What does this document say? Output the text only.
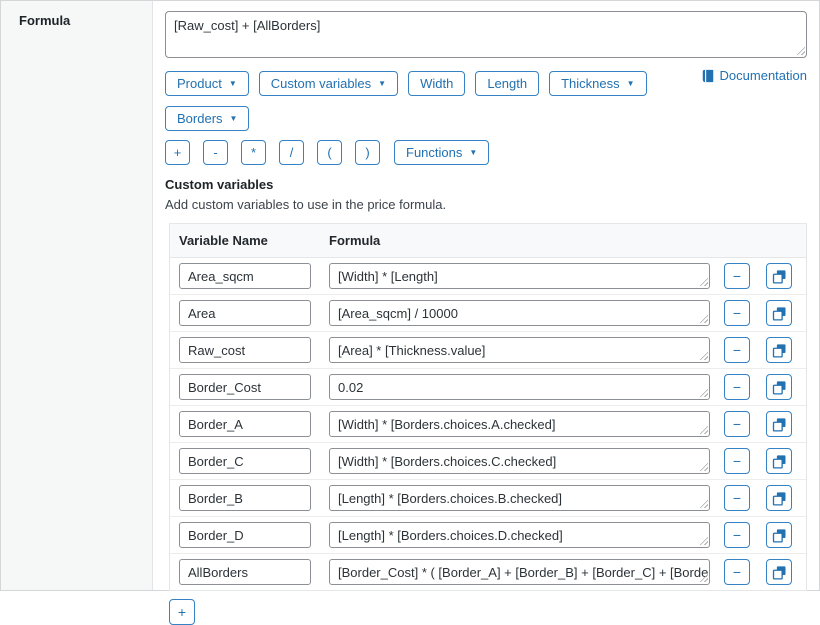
Formula
[Raw_cost] + [AllBorders]
Product ▼	Custom variables ▼	Width	Length	Thickness ▼
Borders ▼
Documentation
+	-	*	/	(	)	Functions ▼
Custom variables
Add custom variables to use in the price formula.
Variable Name	Formula
Area_sqcm
[Width] * [Length]
−
Area
[Area_sqcm] / 10000
−
Raw_cost
[Area] * [Thickness.value]
−
Border_Cost
0.02
−
Border_A
[Width] * [Borders.choices.A.checked]
−
Border_C
[Width] * [Borders.choices.C.checked]
−
Border_B
[Length] * [Borders.choices.B.checked]
−
Border_D
[Length] * [Borders.choices.D.checked]
−
AllBorders
[Border_Cost] * ( [Border_A] + [Border_B] + [Border_C] + [Border_D] )
−
+
